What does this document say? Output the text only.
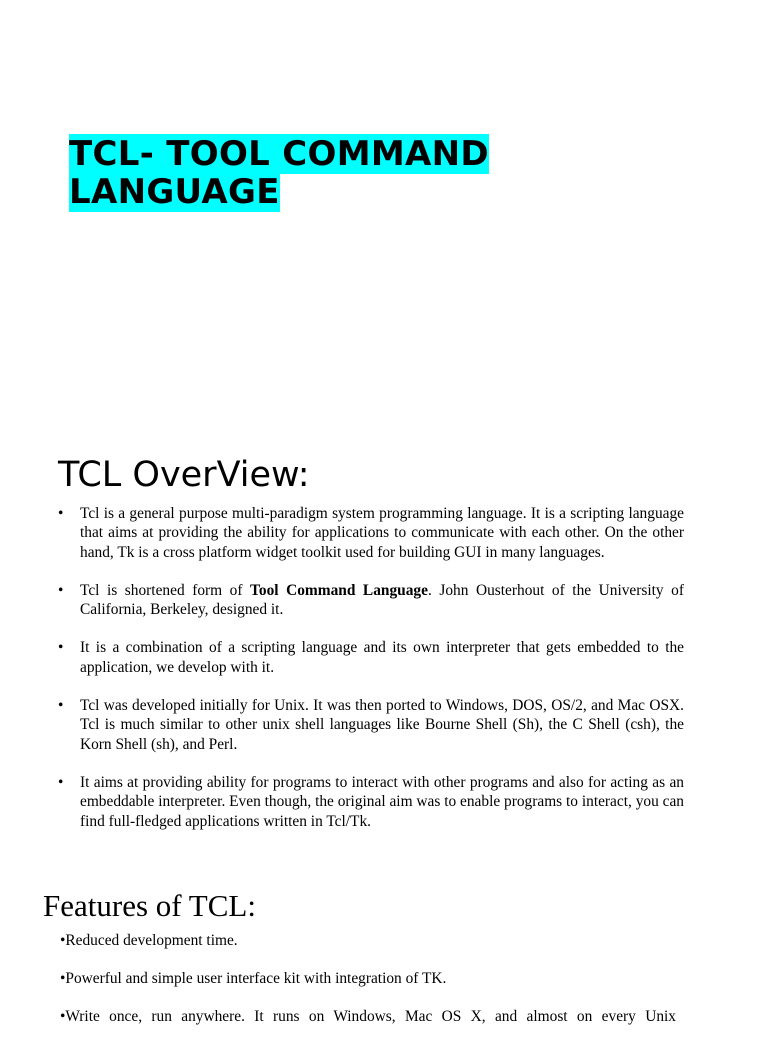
TCL- TOOL COMMAND LANGUAGE
TCL OverView:
• Tcl is a general purpose multi-paradigm system programming language. It is a scripting language that aims at providing the ability for applications to communicate with each other. On the other hand, Tk is a cross platform widget toolkit used for building GUI in many languages.
• Tcl is shortened form of Tool Command Language. John Ousterhout of the University of California, Berkeley, designed it.
• It is a combination of a scripting language and its own interpreter that gets embedded to the application, we develop with it.
• Tcl was developed initially for Unix. It was then ported to Windows, DOS, OS/2, and Mac OSX. Tcl is much similar to other unix shell languages like Bourne Shell (Sh), the C Shell (csh), the Korn Shell (sh), and Perl.
• It aims at providing ability for programs to interact with other programs and also for acting as an embeddable interpreter. Even though, the original aim was to enable programs to interact, you can find full-fledged applications written in Tcl/Tk.
Features of TCL:
•Reduced development time.
•Powerful and simple user interface kit with integration of TK.
•Write once, run anywhere. It runs on Windows, Mac OS X, and almost on every Unix
